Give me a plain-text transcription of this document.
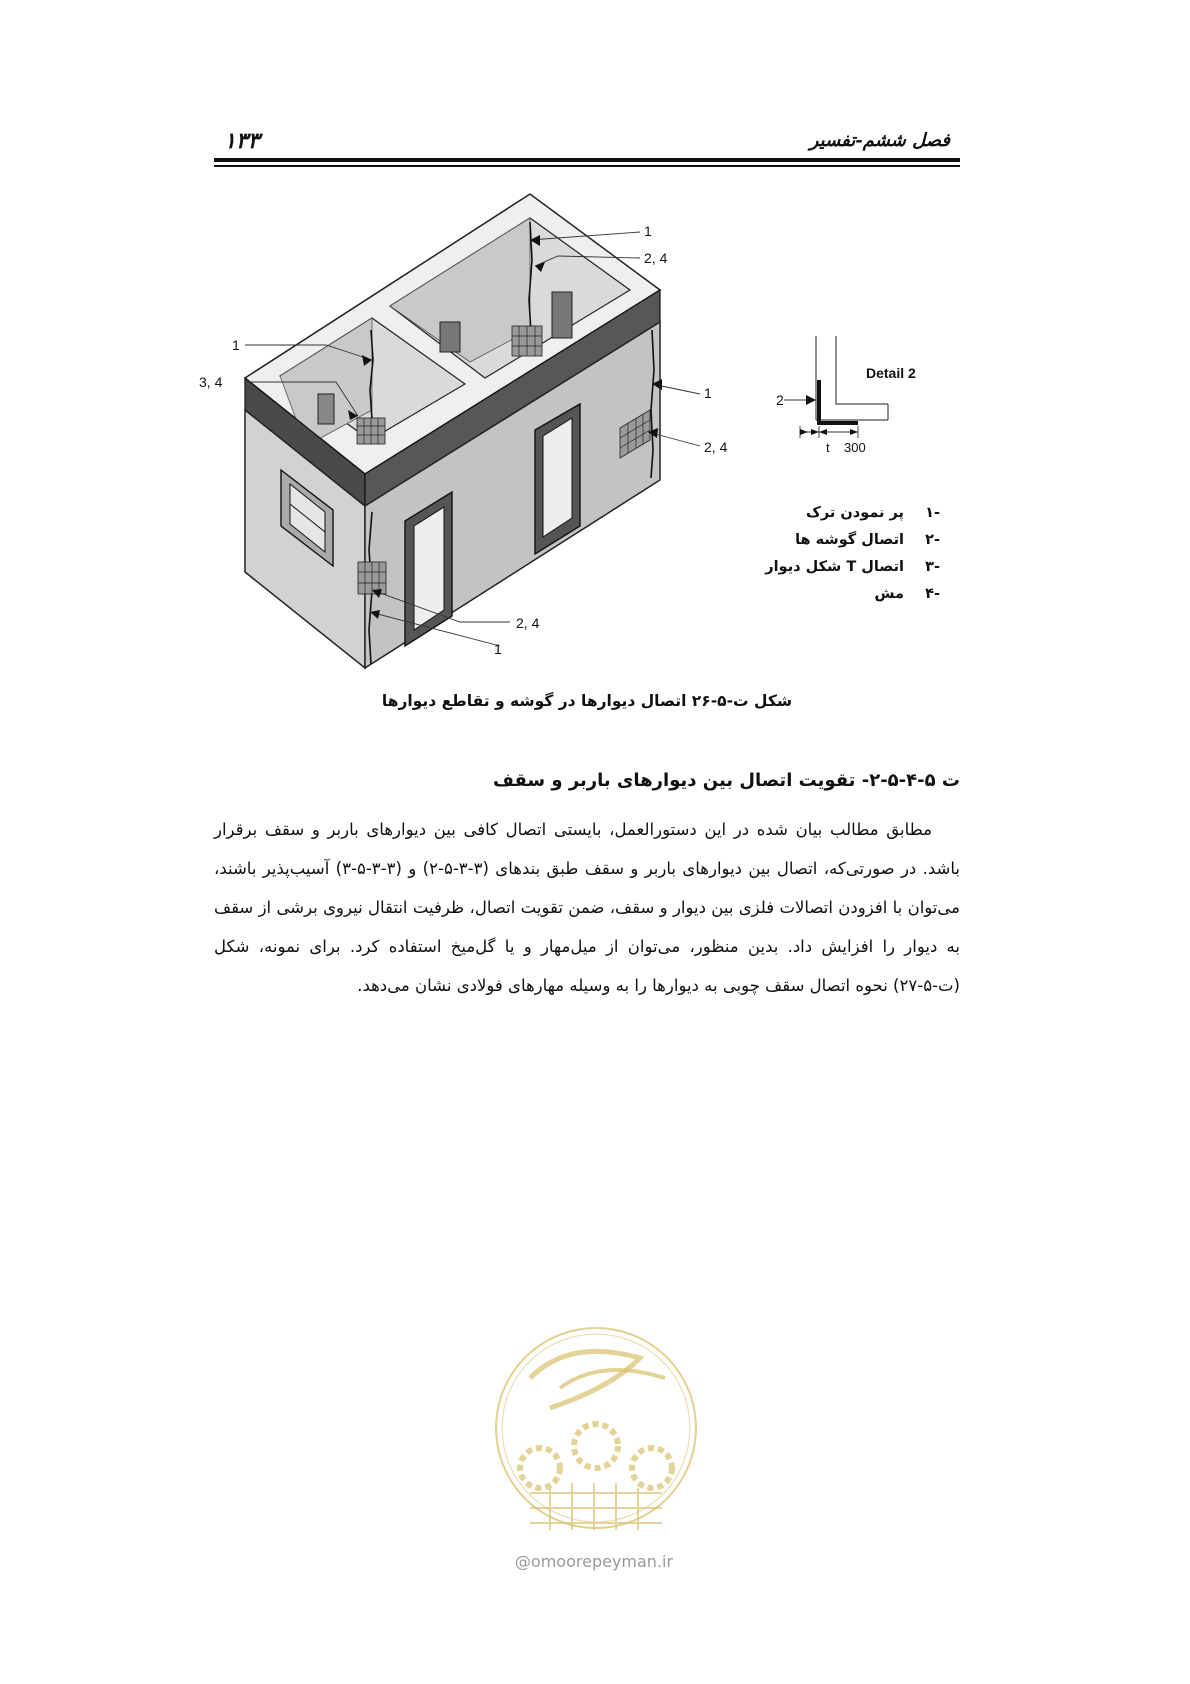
۱۳۳	فصل ششم-تفسیر
1
2, 4
1
3, 4
1
2, 4
2, 4
1
Detail 2
2
t 300
-۱پر نمودن ترک
-۲اتصال گوشه ها
-۳اتصال T شکل دیوار
-۴مش
شکل ت-۵-۲۶ اتصال دیوارها در گوشه و تقاطع دیوارها
ت ۵-۴-۵-۲- تقویت اتصال بین دیوارهای باربر و سقف

مطابق مطالب بیان شده در این دستورالعمل، بایستی اتصال کافی بین دیوارهای باربر و سقف برقرار باشد. در صورتی‌که، اتصال بین دیوارهای باربر و سقف طبق بندهای (۳-۳-۵-۲) و (۳-۳-۵-۳) آسیب‌پذیر باشند، می‌توان با افزودن اتصالات فلزی بین دیوار و سقف، ضمن تقویت اتصال، ظرفیت انتقال نیروی برشی از سقف به دیوار را افزایش داد. بدین منظور، می‌توان از میل‌مهار و یا گل‌میخ استفاده کرد. برای نمونه، شکل (ت-۵-۲۷) نحوه اتصال سقف چوبی به دیوارها را به وسیله مهارهای فولادی نشان می‌دهد.

@omoorepeyman.ir
